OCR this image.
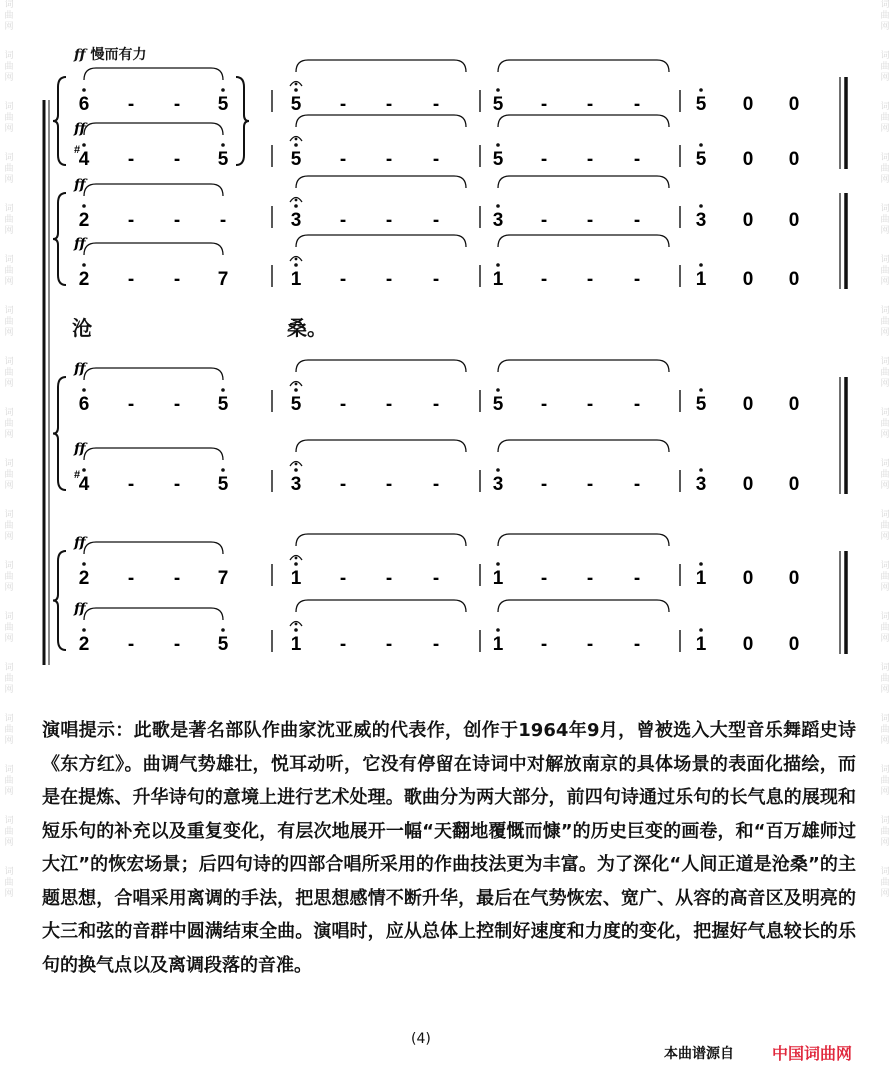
词曲网
词曲网
词曲网
词曲网
词曲网
词曲网
词曲网
词曲网
词曲网
词曲网
词曲网
词曲网
词曲网
词曲网
词曲网
词曲网
词曲网
词曲网
词曲网
词曲网
词曲网
词曲网
词曲网
词曲网
词曲网
词曲网
词曲网
词曲网
词曲网
词曲网
词曲网
词曲网
词曲网
词曲网
词曲网
词曲网
ff 慢而有力
6 - - 5	5 - - -	5 - - -	5 0 0
ff
#
4 - - 5	5 - - -	5 - - -	5 0 0
ff
2 - - -	3 - - -	3 - - -	3 0 0
ff
2 - - 7	1 - - -	1 - - -	1 0 0
ff
6 - - 5	5 - - -	5 - - -	5 0 0
ff
#
4 - - 5	3 - - -	3 - - -	3 0 0
ff
2 - - 7	1 - - -	1 - - -	1 0 0
ff
2 - - 5	1 - - -	1 - - -	1 0 0
沧	桑。
演唱提示：此歌是著名部队作曲家沈亚威的代表作，创作于1964年9月，曾被选入大型音乐舞蹈史诗《东方红》。曲调气势雄壮，悦耳动听，它没有停留在诗词中对解放南京的具体场景的表面化描绘，而是在提炼、升华诗句的意境上进行艺术处理。歌曲分为两大部分，前四句诗通过乐句的长气息的展现和短乐句的补充以及重复变化，有层次地展开一幅“天翻地覆慨而慷”的历史巨变的画卷，和“百万雄师过大江”的恢宏场景；后四句诗的四部合唱所采用的作曲技法更为丰富。为了深化“人间正道是沧桑”的主题思想，合唱采用离调的手法，把思想感情不断升华，最后在气势恢宏、宽广、从容的高音区及明亮的大三和弦的音群中圆满结束全曲。演唱时，应从总体上控制好速度和力度的变化，把握好气息较长的乐句的换气点以及离调段落的音准。
(4)
本曲谱源自 中国词曲网
